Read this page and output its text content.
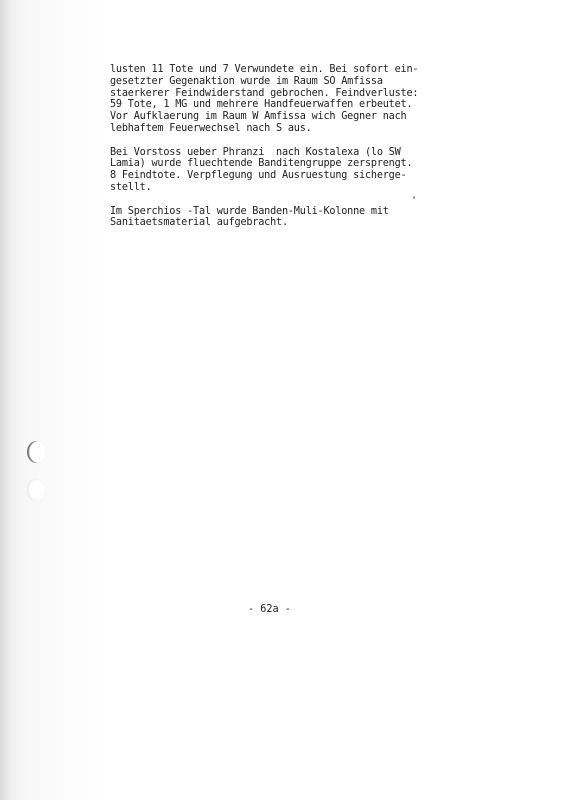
lusten 11 Tote und 7 Verwundete ein. Bei sofort ein-
gesetzter Gegenaktion wurde im Raum SO Amfissa
staerkerer Feindwiderstand gebrochen. Feindverluste:
59 Tote, 1 MG und mehrere Handfeuerwaffen erbeutet.
Vor Aufklaerung im Raum W Amfissa wich Gegner nach
lebhaftem Feuerwechsel nach S aus.

Bei Vorstoss ueber Phranzi  nach Kostalexa (lo SW
Lamia) wurde fluechtende Banditengruppe zersprengt.
8 Feindtote. Verpflegung und Ausruestung sicherge-
stellt.

Im Sperchios -Tal wurde Banden-Muli-Kolonne mit
Sanitaetsmaterial aufgebracht.

- 62a -
